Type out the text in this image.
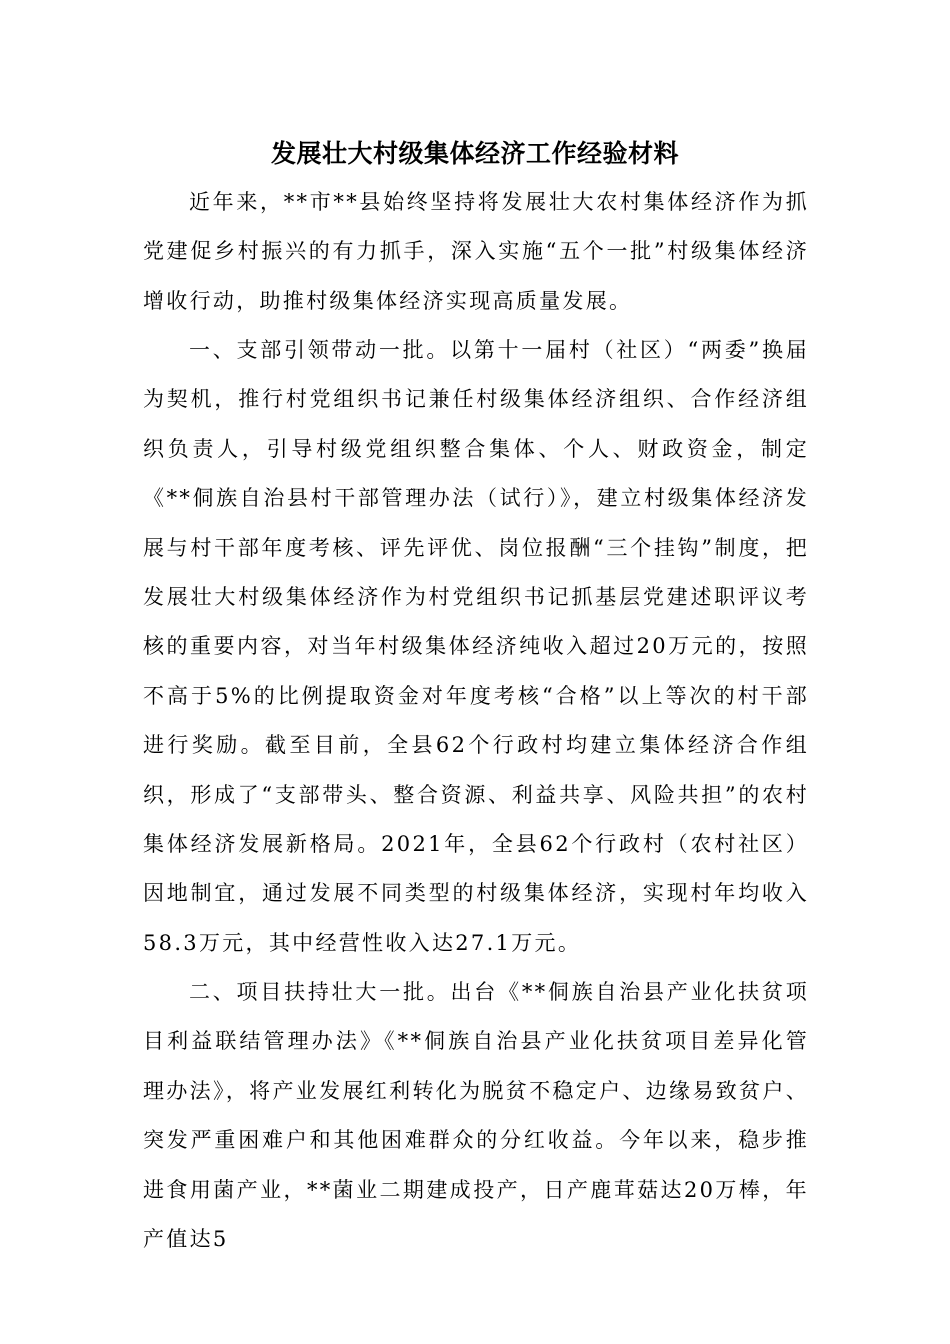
发展壮大村级集体经济工作经验材料

近年来，**市**县始终坚持将发展壮大农村集体经济作为抓党建促乡村振兴的有力抓手，深入实施“五个一批”村级集体经济增收行动，助推村级集体经济实现高质量发展。

一、支部引领带动一批。以第十一届村（社区）“两委”换届为契机，推行村党组织书记兼任村级集体经济组织、合作经济组织负责人，引导村级党组织整合集体、个人、财政资金，制定《**侗族自治县村干部管理办法（试行）》，建立村级集体经济发展与村干部年度考核、评先评优、岗位报酬“三个挂钩”制度，把发展壮大村级集体经济作为村党组织书记抓基层党建述职评议考核的重要内容，对当年村级集体经济纯收入超过20万元的，按照不高于5%的比例提取资金对年度考核“合格”以上等次的村干部进行奖励。截至目前，全县62个行政村均建立集体经济合作组织，形成了“支部带头、整合资源、利益共享、风险共担”的农村集体经济发展新格局。2021年，全县62个行政村（农村社区）因地制宜，通过发展不同类型的村级集体经济，实现村年均收入58.3万元，其中经营性收入达27.1万元。

二、项目扶持壮大一批。出台《**侗族自治县产业化扶贫项目利益联结管理办法》《**侗族自治县产业化扶贫项目差异化管理办法》，将产业发展红利转化为脱贫不稳定户、边缘易致贫户、突发严重困难户和其他困难群众的分红收益。今年以来，稳步推进食用菌产业，**菌业二期建成投产，日产鹿茸菇达20万棒，年产值达5
